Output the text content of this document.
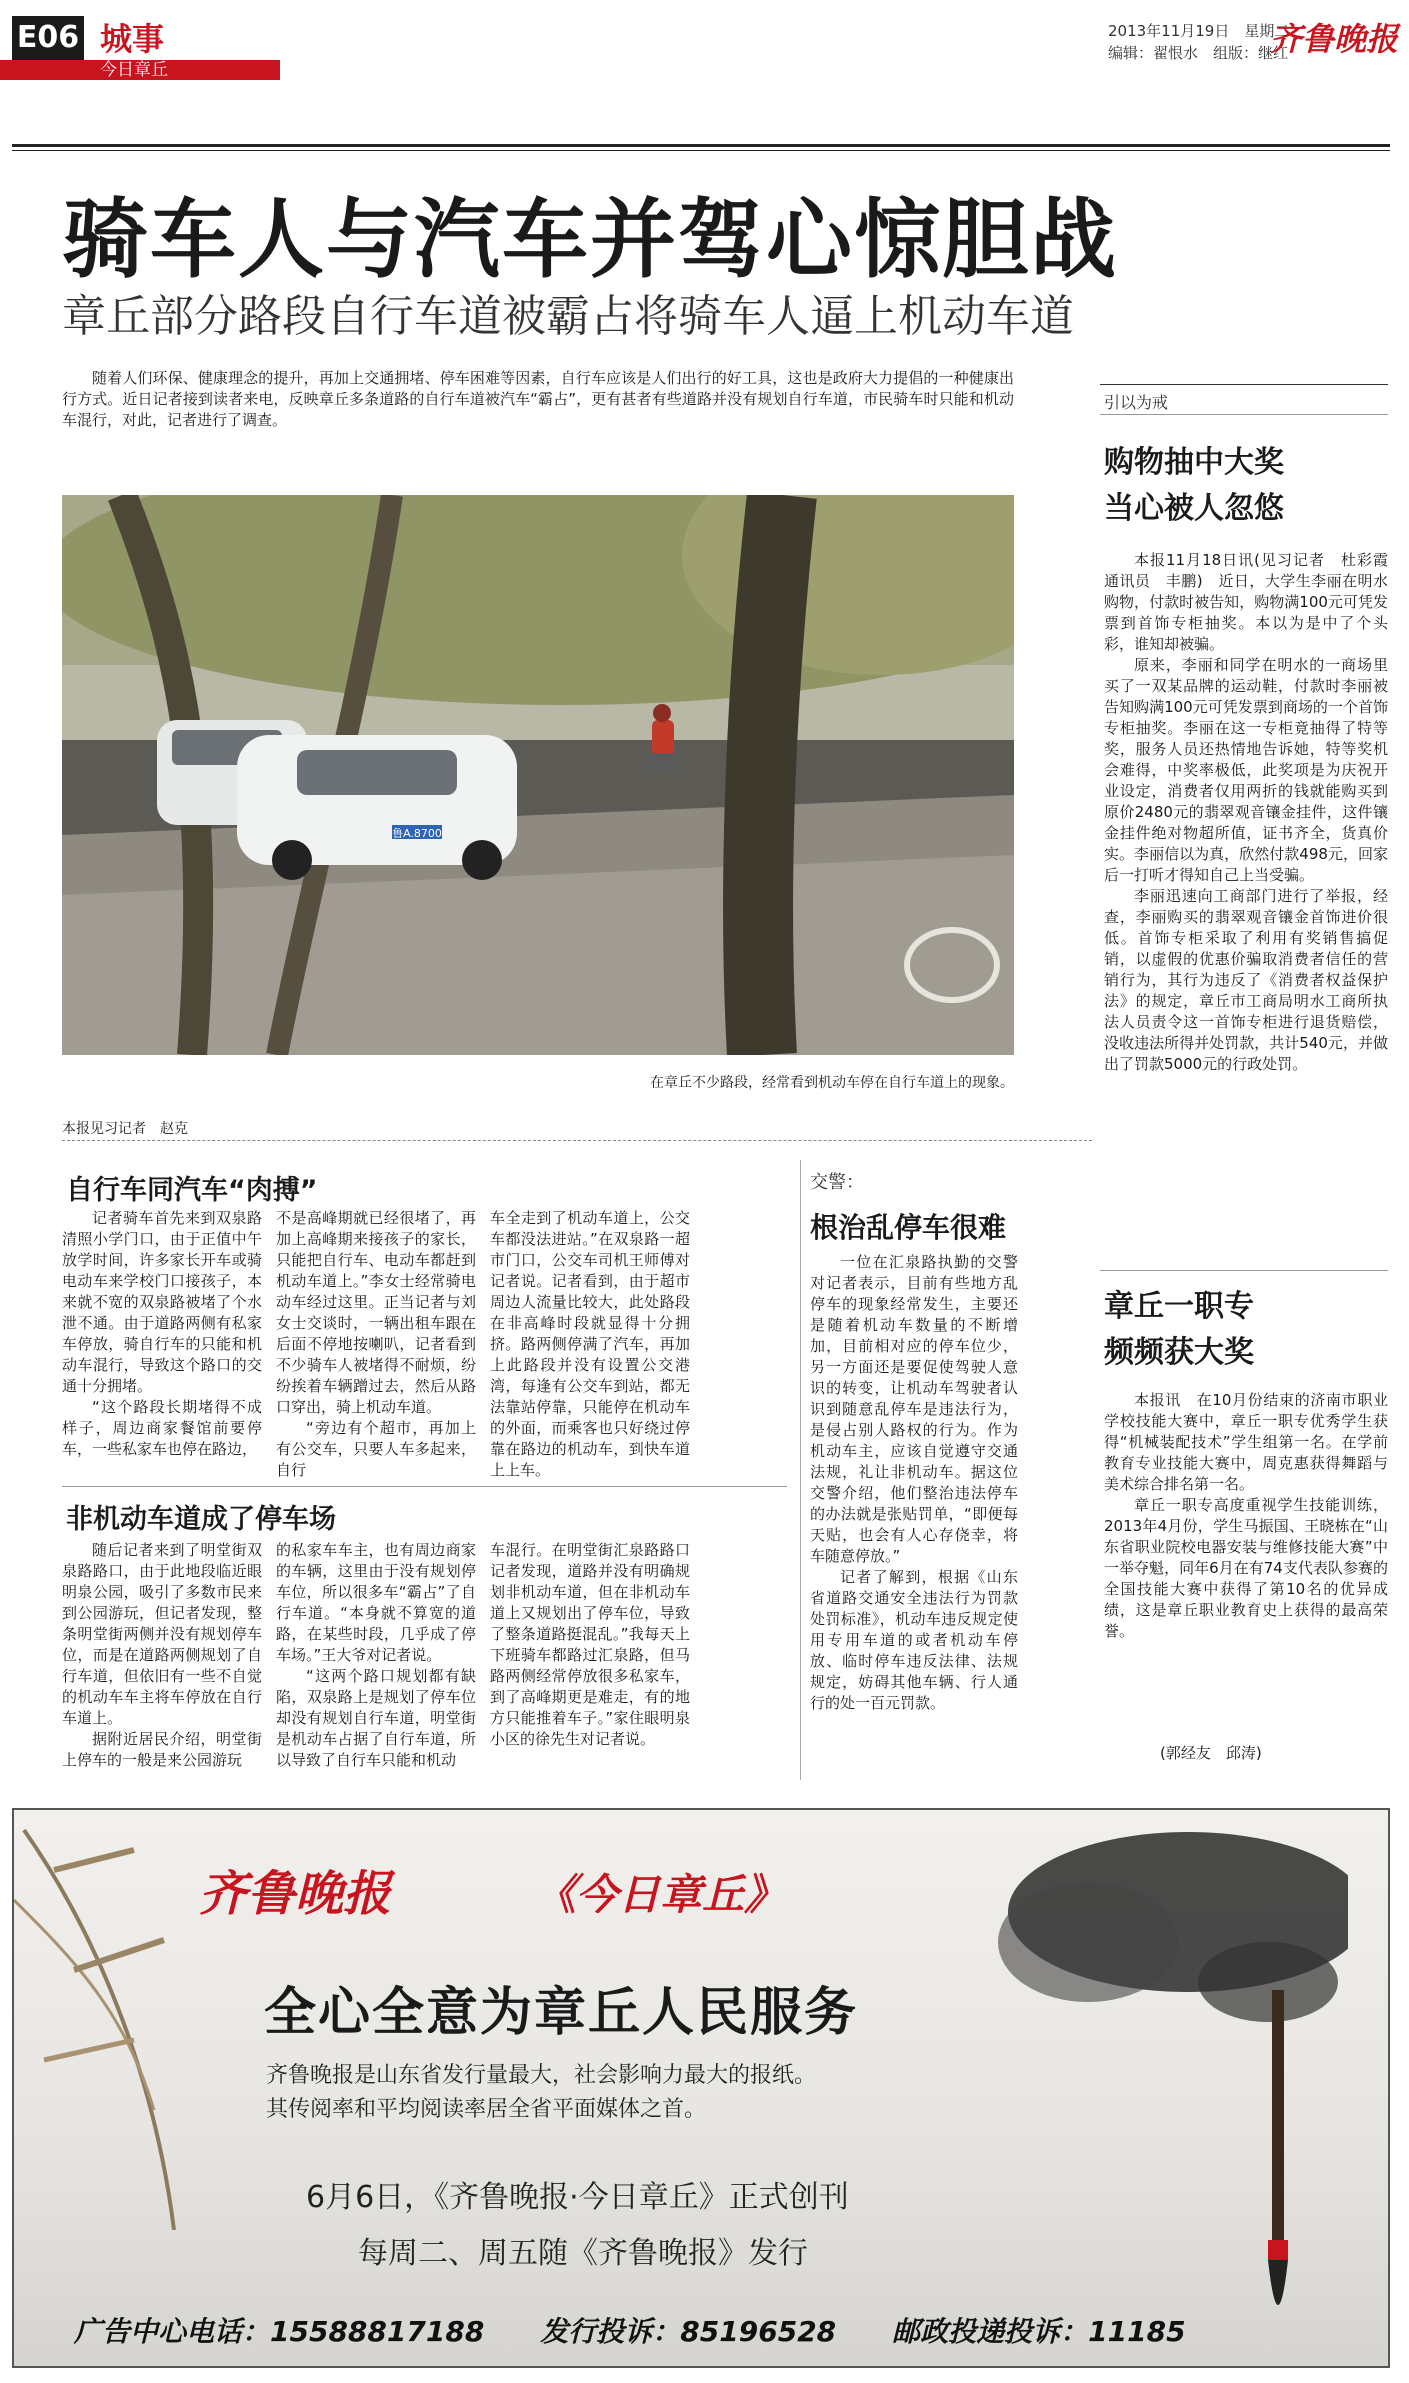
E06 城事
今日章丘
2013年11月19日　星期二
编辑：翟恨水　组版：继红
齐鲁晚报
骑车人与汽车并驾心惊胆战
章丘部分路段自行车道被霸占将骑车人逼上机动车道

随着人们环保、健康理念的提升，再加上交通拥堵、停车困难等因素，自行车应该是人们出行的好工具，这也是政府大力提倡的一种健康出行方式。近日记者接到读者来电，反映章丘多条道路的自行车道被汽车“霸占”，更有甚者有些道路并没有规划自行车道，市民骑车时只能和机动车混行，对此，记者进行了调查。

鲁A.8700
在章丘不少路段，经常看到机动车停在自行车道上的现象。
本报见习记者　赵克
自行车同汽车“肉搏”

记者骑车首先来到双泉路清照小学门口，由于正值中午放学时间，许多家长开车或骑电动车来学校门口接孩子，本来就不宽的双泉路被堵了个水泄不通。由于道路两侧有私家车停放，骑自行车的只能和机动车混行，导致这个路口的交通十分拥堵。

“这个路段长期堵得不成样子，周边商家餐馆前要停车，一些私家车也停在路边，

不是高峰期就已经很堵了，再加上高峰期来接孩子的家长，只能把自行车、电动车都赶到机动车道上。”李女士经常骑电动车经过这里。正当记者与刘女士交谈时，一辆出租车跟在后面不停地按喇叭，记者看到不少骑车人被堵得不耐烦，纷纷挨着车辆蹭过去，然后从路口穿出，骑上机动车道。

“旁边有个超市，再加上有公交车，只要人车多起来，自行

车全走到了机动车道上，公交车都没法进站。”在双泉路一超市门口，公交车司机王师傅对记者说。记者看到，由于超市周边人流量比较大，此处路段在非高峰时段就显得十分拥挤。路两侧停满了汽车，再加上此路段并没有设置公交港湾，每逢有公交车到站，都无法靠站停靠，只能停在机动车的外面，而乘客也只好绕过停靠在路边的机动车，到快车道上上车。

非机动车道成了停车场

随后记者来到了明堂街双泉路路口，由于此地段临近眼明泉公园，吸引了多数市民来到公园游玩，但记者发现，整条明堂街两侧并没有规划停车位，而是在道路两侧规划了自行车道，但依旧有一些不自觉的机动车车主将车停放在自行车道上。

据附近居民介绍，明堂街上停车的一般是来公园游玩

的私家车车主，也有周边商家的车辆，这里由于没有规划停车位，所以很多车“霸占”了自行车道。“本身就不算宽的道路，在某些时段，几乎成了停车场。”王大爷对记者说。

“这两个路口规划都有缺陷，双泉路上是规划了停车位却没有规划自行车道，明堂街是机动车占据了自行车道，所以导致了自行车只能和机动

车混行。在明堂街汇泉路路口记者发现，道路并没有明确规划非机动车道，但在非机动车道上又规划出了停车位，导致了整条道路挺混乱。”我每天上下班骑车都路过汇泉路，但马路两侧经常停放很多私家车，到了高峰期更是难走，有的地方只能推着车子。”家住眼明泉小区的徐先生对记者说。

交警：
根治乱停车很难

一位在汇泉路执勤的交警对记者表示，目前有些地方乱停车的现象经常发生，主要还是随着机动车数量的不断增加，目前相对应的停车位少，另一方面还是要促使驾驶人意识的转变，让机动车驾驶者认识到随意乱停车是违法行为，是侵占别人路权的行为。作为机动车主，应该自觉遵守交通法规，礼让非机动车。据这位交警介绍，他们整治违法停车的办法就是张贴罚单，“即便每天贴，也会有人心存侥幸，将车随意停放。”

记者了解到，根据《山东省道路交通安全违法行为罚款处罚标准》，机动车违反规定使用专用车道的或者机动车停放、临时停车违反法律、法规规定，妨碍其他车辆、行人通行的处一百元罚款。

引以为戒
购物抽中大奖
当心被人忽悠

本报11月18日讯(见习记者　杜彩霞　通讯员　丰鹏)　近日，大学生李丽在明水购物，付款时被告知，购物满100元可凭发票到首饰专柜抽奖。本以为是中了个头彩，谁知却被骗。

原来，李丽和同学在明水的一商场里买了一双某品牌的运动鞋，付款时李丽被告知购满100元可凭发票到商场的一个首饰专柜抽奖。李丽在这一专柜竟抽得了特等奖，服务人员还热情地告诉她，特等奖机会难得，中奖率极低，此奖项是为庆祝开业设定，消费者仅用两折的钱就能购买到原价2480元的翡翠观音镶金挂件，这件镶金挂件绝对物超所值，证书齐全，货真价实。李丽信以为真，欣然付款498元，回家后一打听才得知自己上当受骗。

李丽迅速向工商部门进行了举报，经查，李丽购买的翡翠观音镶金首饰进价很低。首饰专柜采取了利用有奖销售搞促销，以虚假的优惠价骗取消费者信任的营销行为，其行为违反了《消费者权益保护法》的规定，章丘市工商局明水工商所执法人员责令这一首饰专柜进行退货赔偿，没收违法所得并处罚款，共计540元，并做出了罚款5000元的行政处罚。

章丘一职专
频频获大奖

本报讯　在10月份结束的济南市职业学校技能大赛中，章丘一职专优秀学生获得“机械装配技术”学生组第一名。在学前教育专业技能大赛中，周克惠获得舞蹈与美术综合排名第一名。

章丘一职专高度重视学生技能训练，2013年4月份，学生马振国、王晓栋在“山东省职业院校电器安装与维修技能大赛”中一举夺魁，同年6月在有74支代表队参赛的全国技能大赛中获得了第10名的优异成绩，这是章丘职业教育史上获得的最高荣誉。

(郭经友　邱涛)
齐鲁晚报	《今日章丘》
全心全意为章丘人民服务
齐鲁晚报是山东省发行量最大，社会影响力最大的报纸。
其传阅率和平均阅读率居全省平面媒体之首。
6月6日，《齐鲁晚报·今日章丘》正式创刊
每周二、周五随《齐鲁晚报》发行
广告中心电话：15588817188　　发行投诉：85196528　　邮政投递投诉：11185
